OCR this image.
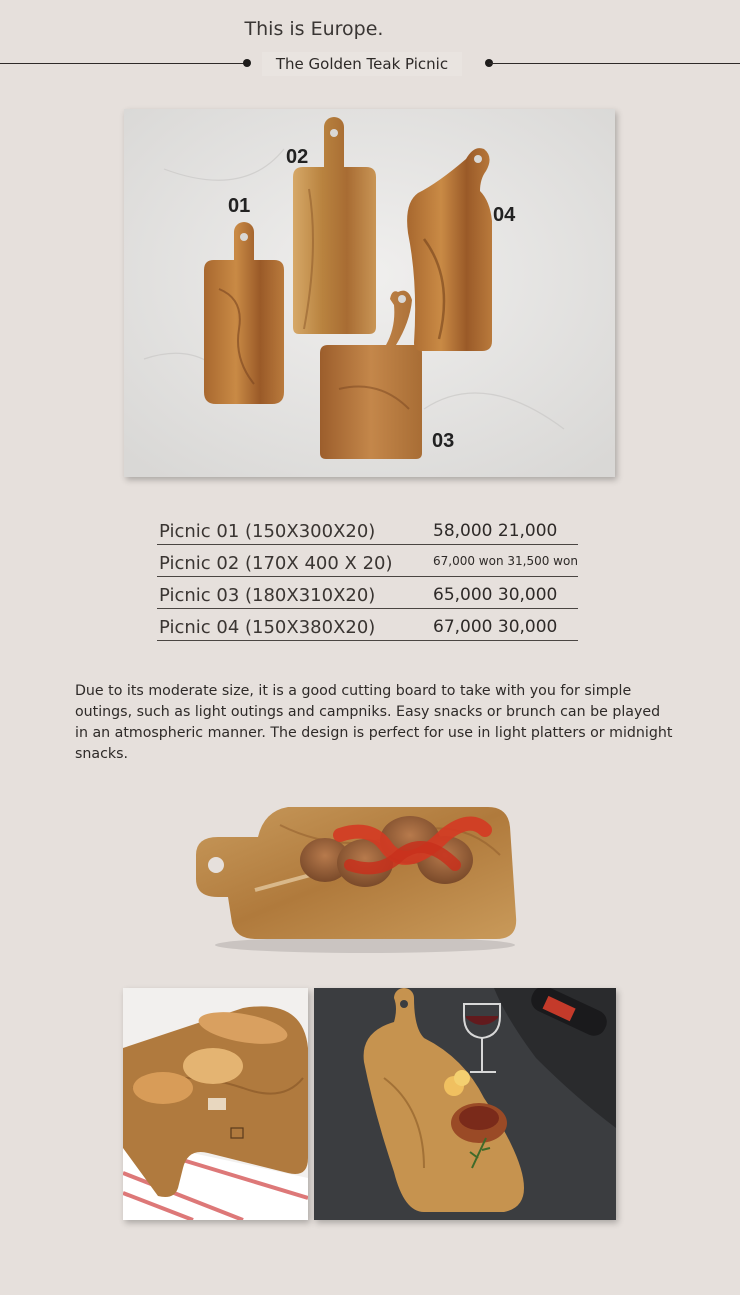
This is Europe.
The Golden Teak Picnic
01
02
03
04
Picnic 01 (150X300X20)	58,000 21,000
Picnic 02 (170X 400 X 20)	67,000 won 31,500 won
Picnic 03 (180X310X20)	65,000 30,000
Picnic 04 (150X380X20)	67,000 30,000
Due to its moderate size, it is a good cutting board to take with you for simple outings, such as light outings and campniks. Easy snacks or brunch can be played in an atmospheric manner. The design is perfect for use in light platters or midnight snacks.
